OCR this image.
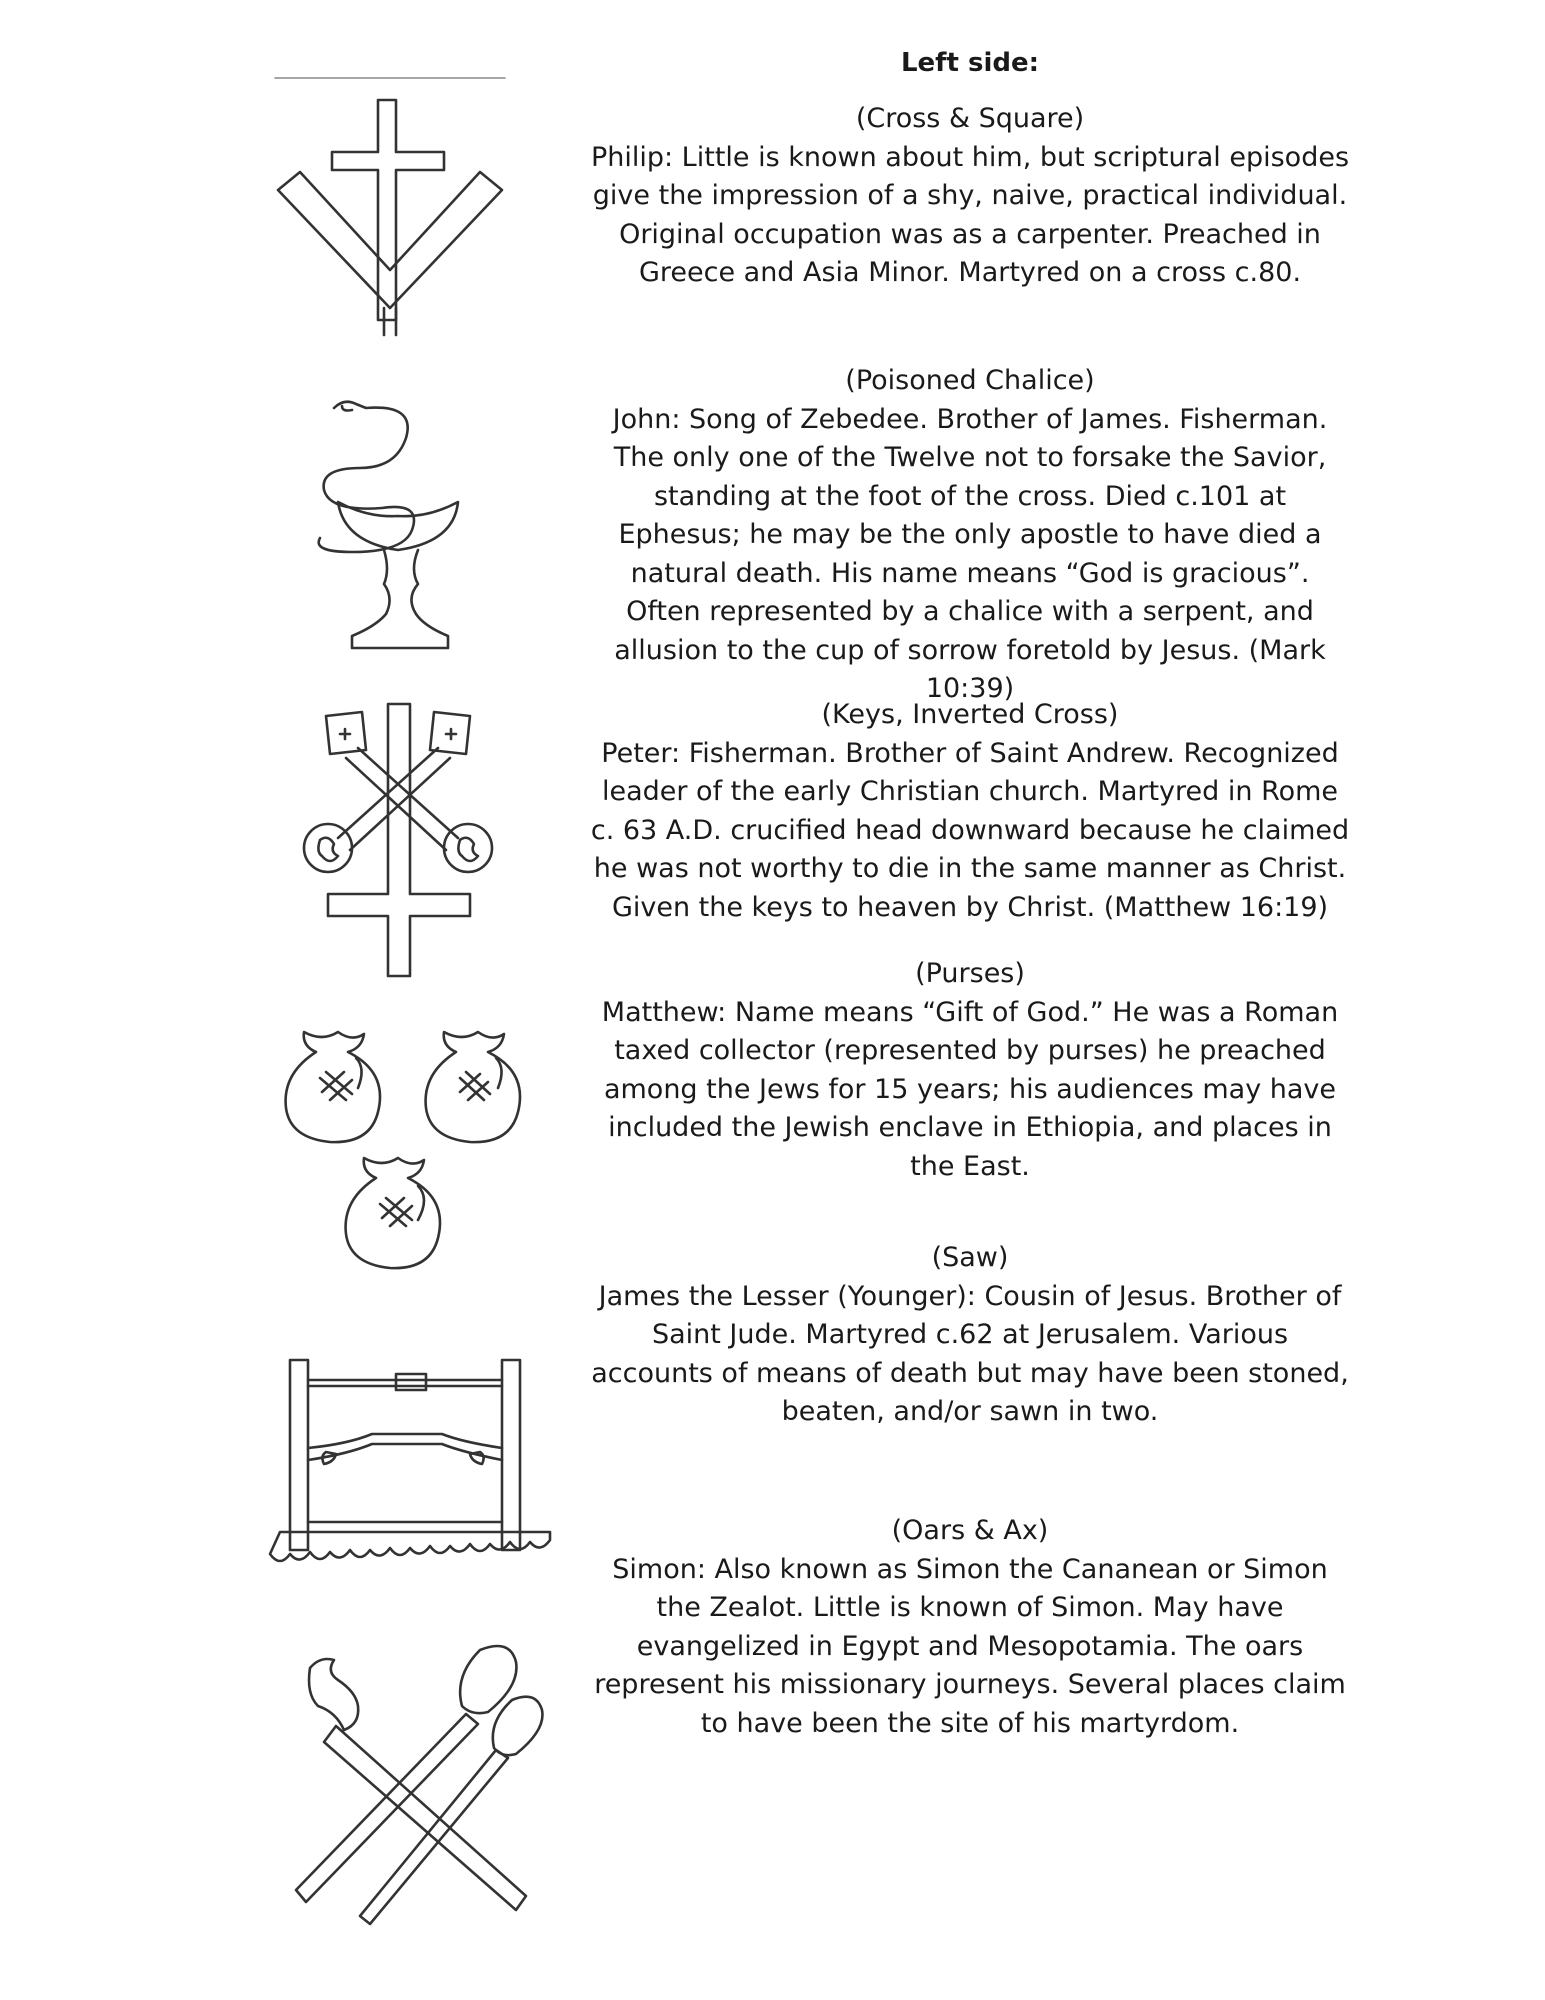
Left side:

(Cross & Square)

Philip: Little is known about him, but scriptural episodes give the impression of a shy, naive, practical individual. Original occupation was as a carpenter. Preached in Greece and Asia Minor. Martyred on a cross c.80.

(Poisoned Chalice)

John: Song of Zebedee. Brother of James. Fisherman. The only one of the Twelve not to forsake the Savior, standing at the foot of the cross. Died c.101 at Ephesus; he may be the only apostle to have died a natural death. His name means “God is gracious”. Often represented by a chalice with a serpent, and allusion to the cup of sorrow foretold by Jesus. (Mark 10:39)

(Keys, Inverted Cross)

Peter: Fisherman. Brother of Saint Andrew. Recognized leader of the early Christian church. Martyred in Rome c. 63 A.D. crucified head downward because he claimed he was not worthy to die in the same manner as Christ. Given the keys to heaven by Christ. (Matthew 16:19)

(Purses)

Matthew: Name means “Gift of God.” He was a Roman taxed collector (represented by purses) he preached among the Jews for 15 years; his audiences may have included the Jewish enclave in Ethiopia, and places in the East.

(Saw)

James the Lesser (Younger): Cousin of Jesus. Brother of Saint Jude. Martyred c.62 at Jerusalem. Various accounts of means of death but may have been stoned, beaten, and/or sawn in two.

(Oars & Ax)

Simon: Also known as Simon the Cananean or Simon the Zealot. Little is known of Simon. May have evangelized in Egypt and Mesopotamia. The oars represent his missionary journeys. Several places claim to have been the site of his martyrdom.
